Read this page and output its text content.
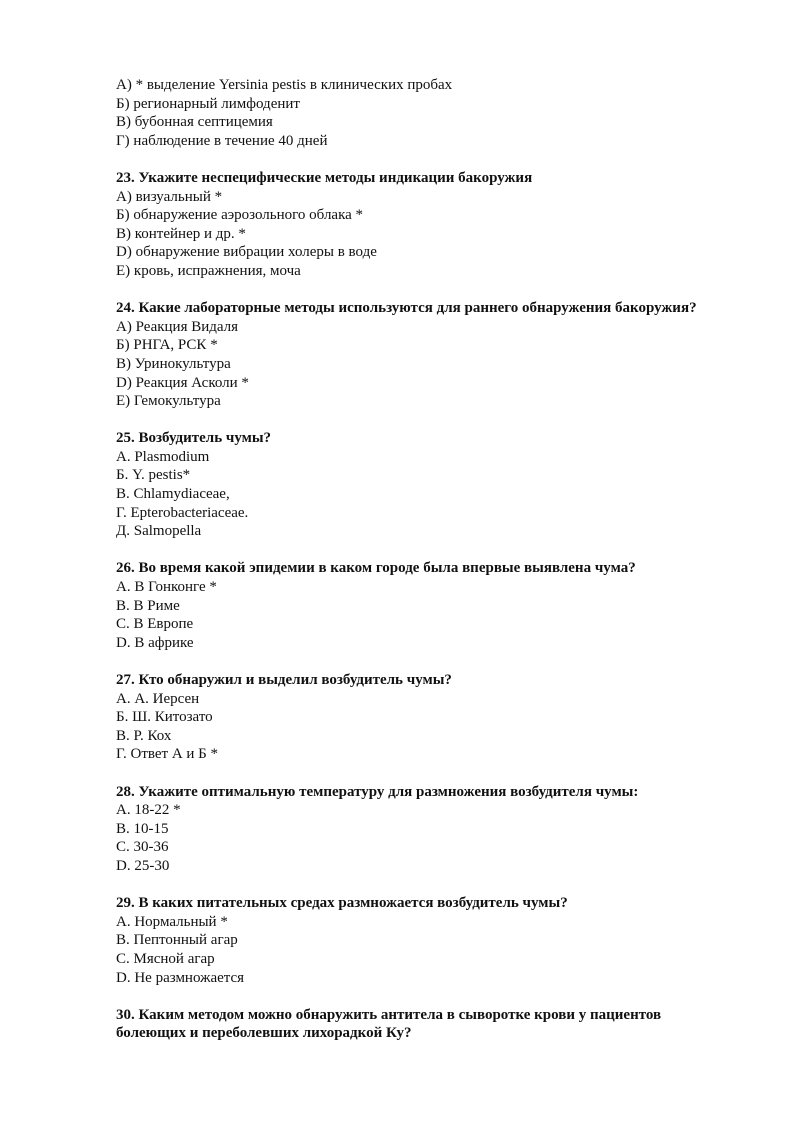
А) * выделение Yersinia pestis в клинических пробах
Б) регионарный лимфоденит
В) бубонная септицемия
Г) наблюдение в течение 40 дней
23. Укажите неспецифические методы индикации бакоружия
А) визуальный *
Б) обнаружение аэрозольного облака *
В) контейнер и др. *
D) обнаружение вибрации холеры в воде
Е) кровь, испражнения, моча
24. Какие лабораторные методы используются для раннего обнаружения бакоружия?
А) Реакция Видаля
Б) РНГА, РСК *
В) Уринокультура
D) Реакция Асколи *
Е) Гемокультура
25. Возбудитель чумы?
А. Plasmodium
Б. Y. pestis*
В. Chlamydiaceae,
Г. Epterobacteriaceae.
Д. Salmopella
26. Во время какой эпидемии в каком городе была впервые выявлена чума?
А. В Гонконге *
В. В Риме
С. В Европе
D. В африке
27. Кто обнаружил и выделил возбудитель чумы?
А. А. Иерсен
Б. Ш. Китозато
В. Р. Кох
Г. Ответ А и Б *
28. Укажите оптимальную температуру для размножения возбудителя чумы:
А. 18-22 *
В. 10-15
С. 30-36
D. 25-30
29. В каких питательных средах размножается возбудитель чумы?
А. Нормальный *
В. Пептонный агар
С. Мясной агар
D. Не размножается
30. Каким методом можно обнаружить антитела в сыворотке крови у пациентов болеющих и переболевших лихорадкой Ку?
